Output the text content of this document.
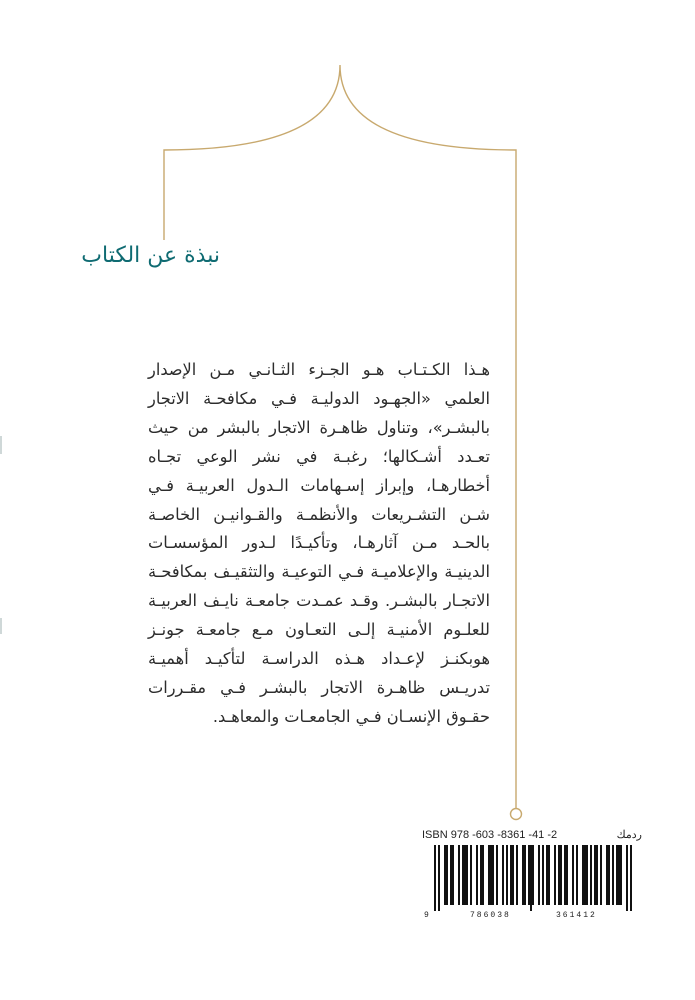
نبذة عن الكتاب

هـذا الكـتـاب هـو الجـزء الثـانـي مـن الإصدار العلمي «الجهـود الدوليـة فـي مكافحـة الاتجار بالبشـر»، وتناول ظاهـرة الاتجار بالبشر من حيث تعـدد أشـكالها؛ رغبـة في نشر الوعي تجـاه أخطارهـا، وإبراز إسـهامات الـدول العربيـة فـي شـن التشـريعات والأنظمـة والقـوانيـن الخاصـة بالحـد مـن آثارهـا، وتأكيـدًا لـدور المؤسسـات الدينيـة والإعلاميـة فـي التوعيـة والتثقيـف بمكافحـة الاتجـار بالبشـر. وقـد عمـدت جامعـة نايـف العربيـة للعلـوم الأمنيـة إلـى التعـاون مـع جامعـة جونـز هوبكنـز لإعـداد هـذه الدراسـة لتأكيـد أهميـة تدريـس ظاهـرة الاتجار بالبشـر فـي مقـررات حقـوق الإنسـان فـي الجامعـات والمعاهـد.

ISBN 978 -603 -8361 -41 -2	ردمك
9	786038	361412
